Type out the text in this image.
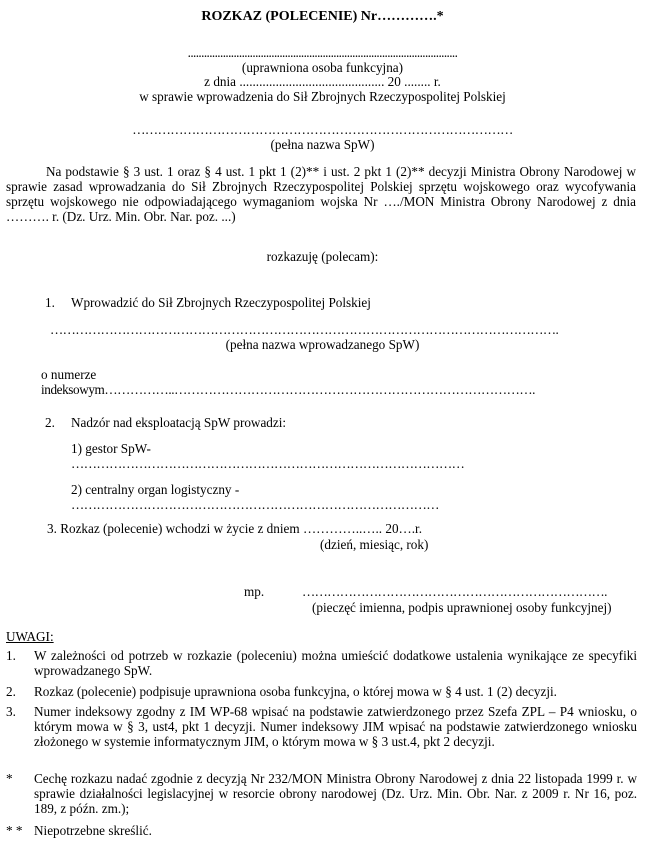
ROZKAZ (POLECENIE) Nr………….*
....................................................................................................
(uprawniona osoba funkcyjna)
z dnia ............................................ 20 ........ r.
w sprawie wprowadzenia do Sił Zbrojnych Rzeczypospolitej Polskiej
………………………………………………………………………………
(pełna nazwa SpW)
Na podstawie § 3 ust. 1 oraz § 4 ust. 1 pkt 1 (2)** i ust. 2 pkt 1 (2)** decyzji Ministra Obrony Narodowej w sprawie zasad wprowadzania do Sił Zbrojnych Rzeczypospolitej Polskiej sprzętu wojskowego oraz wycofywania sprzętu wojskowego nie odpowiadającego wymaganiom wojska Nr …./MON Ministra Obrony Narodowej z dnia ………. r. (Dz. Urz. Min. Obr. Nar. poz. ...)
rozkazuję (polecam):
1. Wprowadzić do Sił Zbrojnych Rzeczypospolitej Polskiej
………………………………………………………………………………………………………….
(pełna nazwa wprowadzanego SpW)
o numerze
indeksowym……………..………………………………………………………………………….
2. Nadzór nad eksploatacją SpW prowadzi:
1) gestor SpW-
…………………………………………………………………………………
2) centralny organ logistyczny -
……………………………………………………………………………
3. Rozkaz (polecenie) wchodzi w życie z dniem …………..….. 20….r.
(dzień, miesiąc, rok)
mp.	……………………………………………………………….
(pieczęć imienna, podpis uprawnionej osoby funkcyjnej)
UWAGI:
1. W zależności od potrzeb w rozkazie (poleceniu) można umieścić dodatkowe ustalenia wynikające ze specyfiki wprowadzanego SpW.
2. Rozkaz (polecenie) podpisuje uprawniona osoba funkcyjna, o której mowa w § 4 ust. 1 (2) decyzji.
3. Numer indeksowy zgodny z IM WP-68 wpisać na podstawie zatwierdzonego przez Szefa ZPL – P4 wniosku, o którym mowa w § 3, ust4, pkt 1 decyzji. Numer indeksowy JIM wpisać na podstawie zatwierdzonego wniosku złożonego w systemie informatycznym JIM, o którym mowa w § 3 ust.4, pkt 2 decyzji.
* Cechę rozkazu nadać zgodnie z decyzją Nr 232/MON Ministra Obrony Narodowej z dnia 22 listopada 1999 r. w sprawie działalności legislacyjnej w resorcie obrony narodowej (Dz. Urz. Min. Obr. Nar. z 2009 r. Nr 16, poz. 189, z późn. zm.);
* * Niepotrzebne skreślić.
